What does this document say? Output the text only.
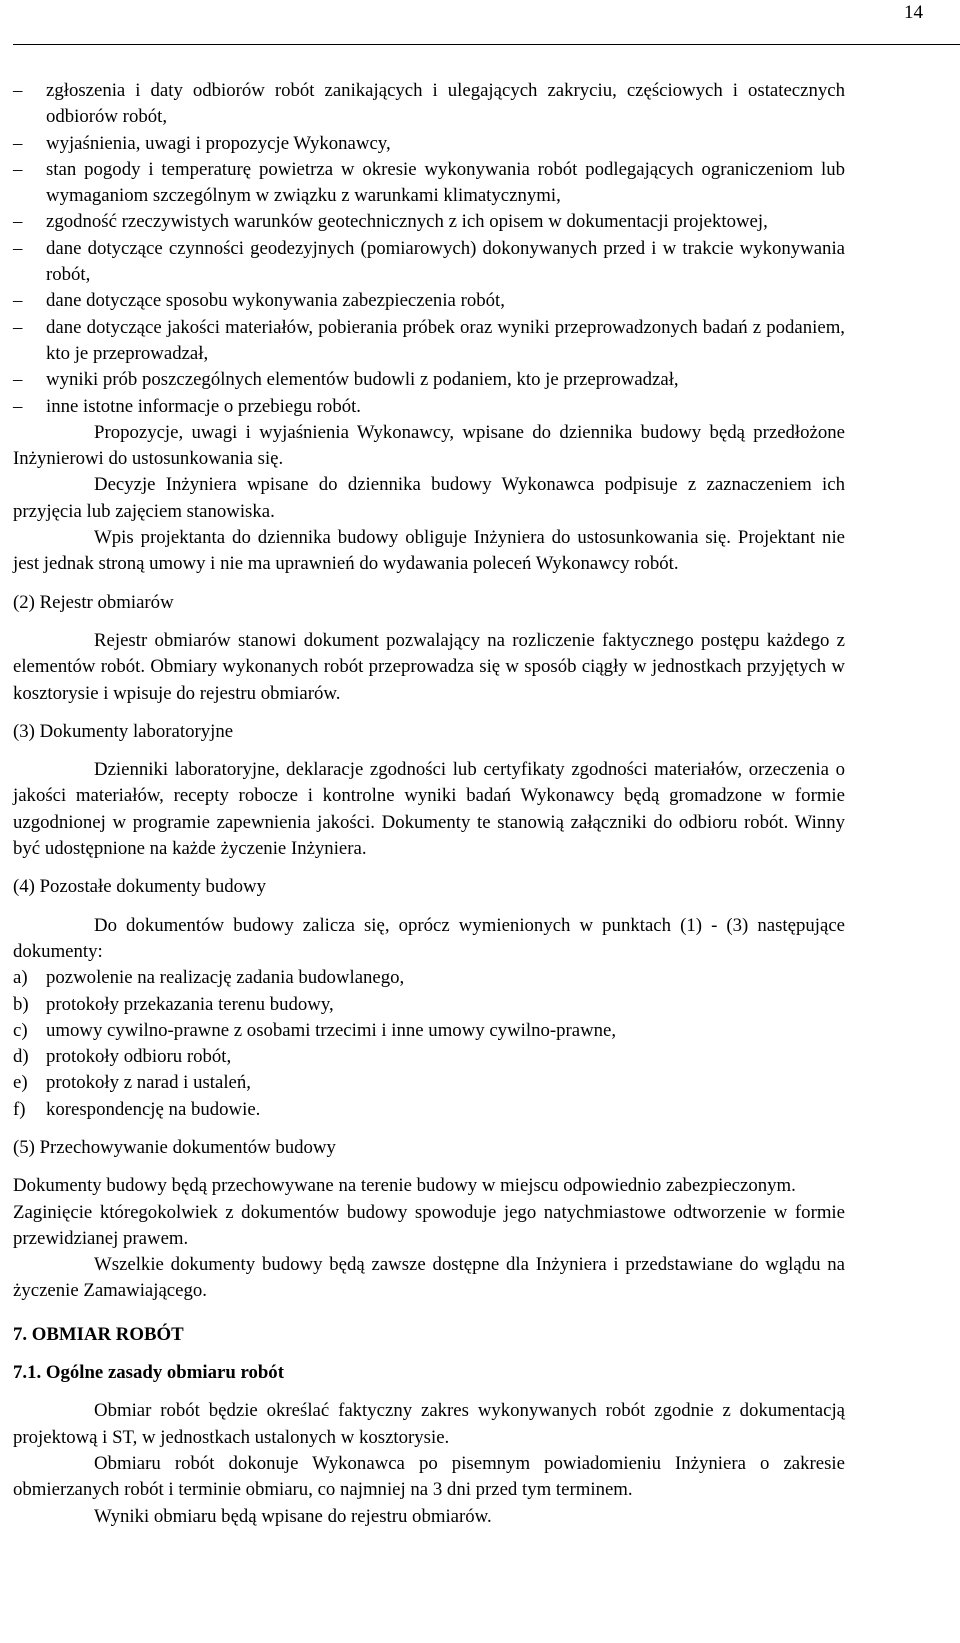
14
– zgłoszenia i daty odbiorów robót zanikających i ulegających zakryciu, częściowych i ostatecznych odbiorów robót,
– wyjaśnienia, uwagi i propozycje Wykonawcy,
– stan pogody i temperaturę powietrza w okresie wykonywania robót podlegających ograniczeniom lub wymaganiom szczególnym w związku z warunkami klimatycznymi,
– zgodność rzeczywistych warunków geotechnicznych z ich opisem w dokumentacji projektowej,
– dane dotyczące czynności geodezyjnych (pomiarowych) dokonywanych przed i w trakcie wykonywania robót,
– dane dotyczące sposobu wykonywania zabezpieczenia robót,
– dane dotyczące jakości materiałów, pobierania próbek oraz wyniki przeprowadzonych badań z podaniem, kto je przeprowadzał,
– wyniki prób poszczególnych elementów budowli z podaniem, kto je przeprowadzał,
– inne istotne informacje o przebiegu robót.

Propozycje, uwagi i wyjaśnienia Wykonawcy, wpisane do dziennika budowy będą przedłożone Inżynierowi do ustosunkowania się.

Decyzje Inżyniera wpisane do dziennika budowy Wykonawca podpisuje z zaznaczeniem ich przyjęcia lub zajęciem stanowiska.

Wpis projektanta do dziennika budowy obliguje Inżyniera do ustosunkowania się. Projektant nie jest jednak stroną umowy i nie ma uprawnień do wydawania poleceń Wykonawcy robót.

(2) Rejestr obmiarów

Rejestr obmiarów stanowi dokument pozwalający na rozliczenie faktycznego postępu każdego z elementów robót. Obmiary wykonanych robót przeprowadza się w sposób ciągły w jednostkach przyjętych w kosztorysie i wpisuje do rejestru obmiarów.

(3) Dokumenty laboratoryjne

Dzienniki laboratoryjne, deklaracje zgodności lub certyfikaty zgodności materiałów, orzeczenia o jakości materiałów, recepty robocze i kontrolne wyniki badań Wykonawcy będą gromadzone w formie uzgodnionej w programie zapewnienia jakości. Dokumenty te stanowią załączniki do odbioru robót. Winny być udostępnione na każde życzenie Inżyniera.

(4) Pozostałe dokumenty budowy

Do dokumentów budowy zalicza się, oprócz wymienionych w punktach (1) - (3) następujące dokumenty:

a) pozwolenie na realizację zadania budowlanego,
b) protokoły przekazania terenu budowy,
c) umowy cywilno-prawne z osobami trzecimi i inne umowy cywilno-prawne,
d) protokoły odbioru robót,
e) protokoły z narad i ustaleń,
f) korespondencję na budowie.

(5) Przechowywanie dokumentów budowy

Dokumenty budowy będą przechowywane na terenie budowy w miejscu odpowiednio zabezpieczonym.

Zaginięcie któregokolwiek z dokumentów budowy spowoduje jego natychmiastowe odtworzenie w formie przewidzianej prawem.

Wszelkie dokumenty budowy będą zawsze dostępne dla Inżyniera i przedstawiane do wglądu na życzenie Zamawiającego.

7. OBMIAR ROBÓT

7.1. Ogólne zasady obmiaru robót

Obmiar robót będzie określać faktyczny zakres wykonywanych robót zgodnie z dokumentacją projektową i ST, w jednostkach ustalonych w kosztorysie.

Obmiaru robót dokonuje Wykonawca po pisemnym powiadomieniu Inżyniera o zakresie obmierzanych robót i terminie obmiaru, co najmniej na 3 dni przed tym terminem.

Wyniki obmiaru będą wpisane do rejestru obmiarów.
